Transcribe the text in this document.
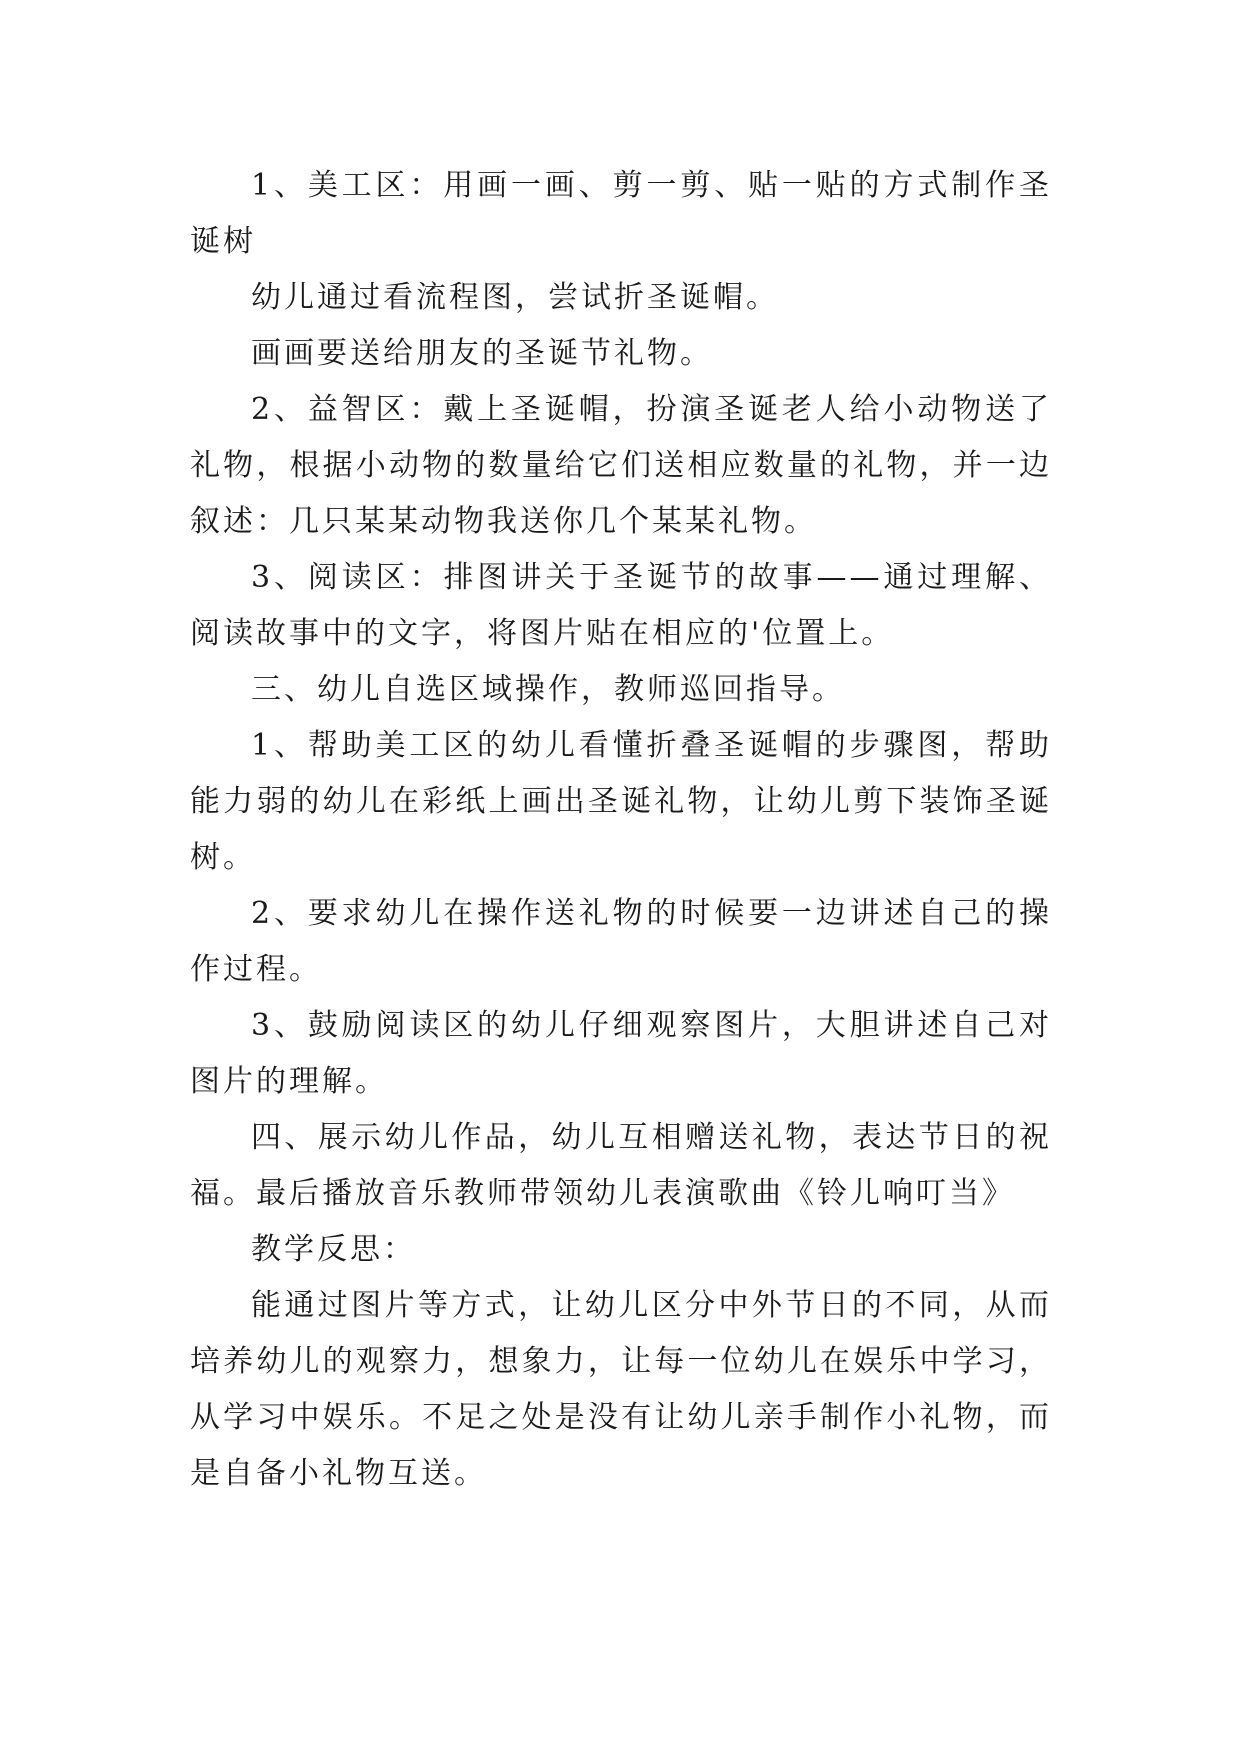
1、美工区：用画一画、剪一剪、贴一贴的方式制作圣诞树

幼儿通过看流程图，尝试折圣诞帽。

画画要送给朋友的圣诞节礼物。

2、益智区：戴上圣诞帽，扮演圣诞老人给小动物送了礼物，根据小动物的数量给它们送相应数量的礼物，并一边叙述：几只某某动物我送你几个某某礼物。

3、阅读区：排图讲关于圣诞节的故事——通过理解、阅读故事中的文字，将图片贴在相应的'位置上。

三、幼儿自选区域操作，教师巡回指导。

1、帮助美工区的幼儿看懂折叠圣诞帽的步骤图，帮助能力弱的幼儿在彩纸上画出圣诞礼物，让幼儿剪下装饰圣诞树。

2、要求幼儿在操作送礼物的时候要一边讲述自己的操作过程。

3、鼓励阅读区的幼儿仔细观察图片，大胆讲述自己对图片的理解。

四、展示幼儿作品，幼儿互相赠送礼物，表达节日的祝福。最后播放音乐教师带领幼儿表演歌曲《铃儿响叮当》

教学反思：

能通过图片等方式，让幼儿区分中外节日的不同，从而培养幼儿的观察力，想象力，让每一位幼儿在娱乐中学习，从学习中娱乐。不足之处是没有让幼儿亲手制作小礼物，而是自备小礼物互送。
